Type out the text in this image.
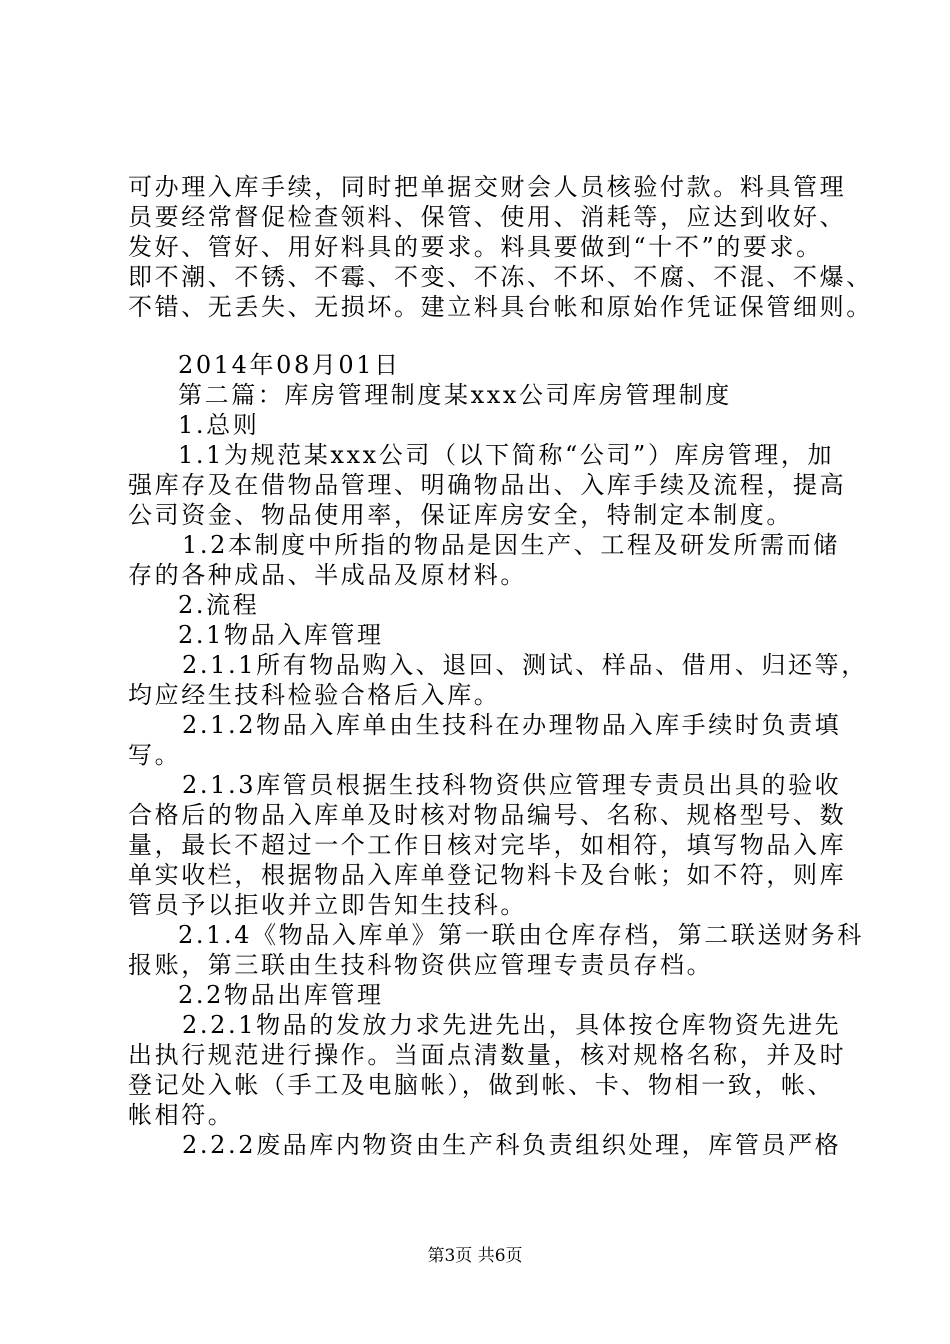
可办理入库手续，同时把单据交财会人员核验付款。料具管理
员要经常督促检查领料、保管、使用、消耗等，应达到收好、
发好、管好、用好料具的要求。料具要做到“十不”的要求。
即不潮、不锈、不霉、不变、不冻、不坏、不腐、不混、不爆、
不错、无丢失、无损坏。建立料具台帐和原始作凭证保管细则。
2014年08月01日
第二篇：库房管理制度某xxx公司库房管理制度
1.总则
1.1为规范某xxx公司（以下简称“公司”）库房管理，加
强库存及在借物品管理、明确物品出、入库手续及流程，提高
公司资金、物品使用率，保证库房安全，特制定本制度。
1.2本制度中所指的物品是因生产、工程及研发所需而储
存的各种成品、半成品及原材料。
2.流程
2.1物品入库管理
2.1.1所有物品购入、退回、测试、样品、借用、归还等，
均应经生技科检验合格后入库。
2.1.2物品入库单由生技科在办理物品入库手续时负责填
写。
2.1.3库管员根据生技科物资供应管理专责员出具的验收
合格后的物品入库单及时核对物品编号、名称、规格型号、数
量，最长不超过一个工作日核对完毕，如相符，填写物品入库
单实收栏，根据物品入库单登记物料卡及台帐；如不符，则库
管员予以拒收并立即告知生技科。
2.1.4《物品入库单》第一联由仓库存档，第二联送财务科
报账，第三联由生技科物资供应管理专责员存档。
2.2物品出库管理
2.2.1物品的发放力求先进先出，具体按仓库物资先进先
出执行规范进行操作。当面点清数量，核对规格名称，并及时
登记处入帐（手工及电脑帐），做到帐、卡、物相一致，帐、
帐相符。
2.2.2废品库内物资由生产科负责组织处理，库管员严格
第3页 共6页
